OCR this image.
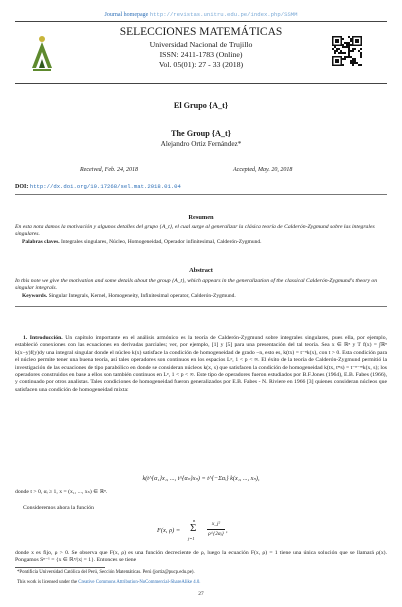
Journal homepage http://revistas.unitru.edu.pe/index.php/SSMM
SELECCIONES MATEMÁTICAS
Universidad Nacional de Trujillo
ISSN: 2411-1783 (Online)
Vol. 05(01): 27 - 33 (2018)
El Grupo {A_t}
The Group {A_t}
Alejandro Ortiz Fernández*
Received, Feb. 24, 2018	Accepted, May. 20, 2018
DOI: http://dx.doi.org/10.17268/sel.mat.2018.01.04
Resumen
En esta nota damos la motivación y algunos detalles del grupo {A_t}, el cual surge al generalizar la clásica teoría de Calderón-Zygmund sobre las integrales singulares.
Palabras claves. Integrales singulares, Núcleo, Homogeneidad, Operador infinitesimal, Calderón-Zygmund.
Abstract
In this note we give the motivation and some details about the group {A_t}, which appears in the generalization of the classical Calderón-Zygmund's theory on singular integrals.
Keywords. Singular Integrals, Kernel, Homogeneity, Infinitesimal operator, Calderón-Zygmund.
1. Introducción. Un capítulo importante en el análisis armónico es la teoría de Calderón-Zygmund sobre integrales singulares, pues ella, por ejemplo, estableció conexiones con las ecuaciones en derivadas parciales; ver, por ejemplo, [1] y [5] para una presentación del tal teoría. Sea x ∈ ℝⁿ y T f(x) = ∫ℝⁿ k(x−y)f(y)dy una integral singular donde el núcleo k(x) satisface la condición de homogeneidad de grado −n, esto es, k(tx) = t⁻ⁿk(x), con t > 0. Esta condición para el núcleo permite tener una buena teoría, así tales operadores son continuos en los espacios Lᵖ, 1 < p < ∞. El éxito de la teoría de Calderón-Zygmund permitió la investigación de las ecuaciones de tipo parabólico en donde se consideran núcleos k(x, s) que satisfacen la condición de homogeneidad k(tx, tᵐs) = t⁻ⁿ⁻ᵐk(x, s); los operadores construidos en base a ellos son también continuos en Lᵖ, 1 < p < ∞. Este tipo de operadores fueron estudiados por B.F.Jones (1964), E.B. Fabes (1966), y continuado por otros analistas. Tales condiciones de homogeneidad fueron generalizados por E.B. Fabes - N. Riviere en 1966 [3] quienes consideran núcleos que satisfacen una condición de homogeneidad mixta:
k(t^{α₁}x₁, ..., t^{αₙ}xₙ) = t^{−Σαᵢ} k(x₁, ..., xₙ),
donde t > 0, αᵢ ≥ 1, x = (x₁, ..., xₙ) ∈ ℝⁿ.
Consideremos ahora la función
F(x, ρ) =
n
Σ
j=1
x_j²
ρ^{2αⱼ} ,
donde x es fijo, ρ > 0. Se observa que F(x, ρ) es una función decreciente de ρ, luego la ecuación F(x, ρ) = 1 tiene una única solución que se llamará ρ(x). Pongamos Sⁿ⁻¹ = {x ∈ ℝⁿ/|x| = 1}. Entonces se tiene
*Pontificia Universidad Católica del Perú, Sección Matemáticas. Perú (jortiz@pucp.edu.pe).
This work is licensed under the Creative Commons Attribution-NoCommercial-ShareAlike 4.0.
27
